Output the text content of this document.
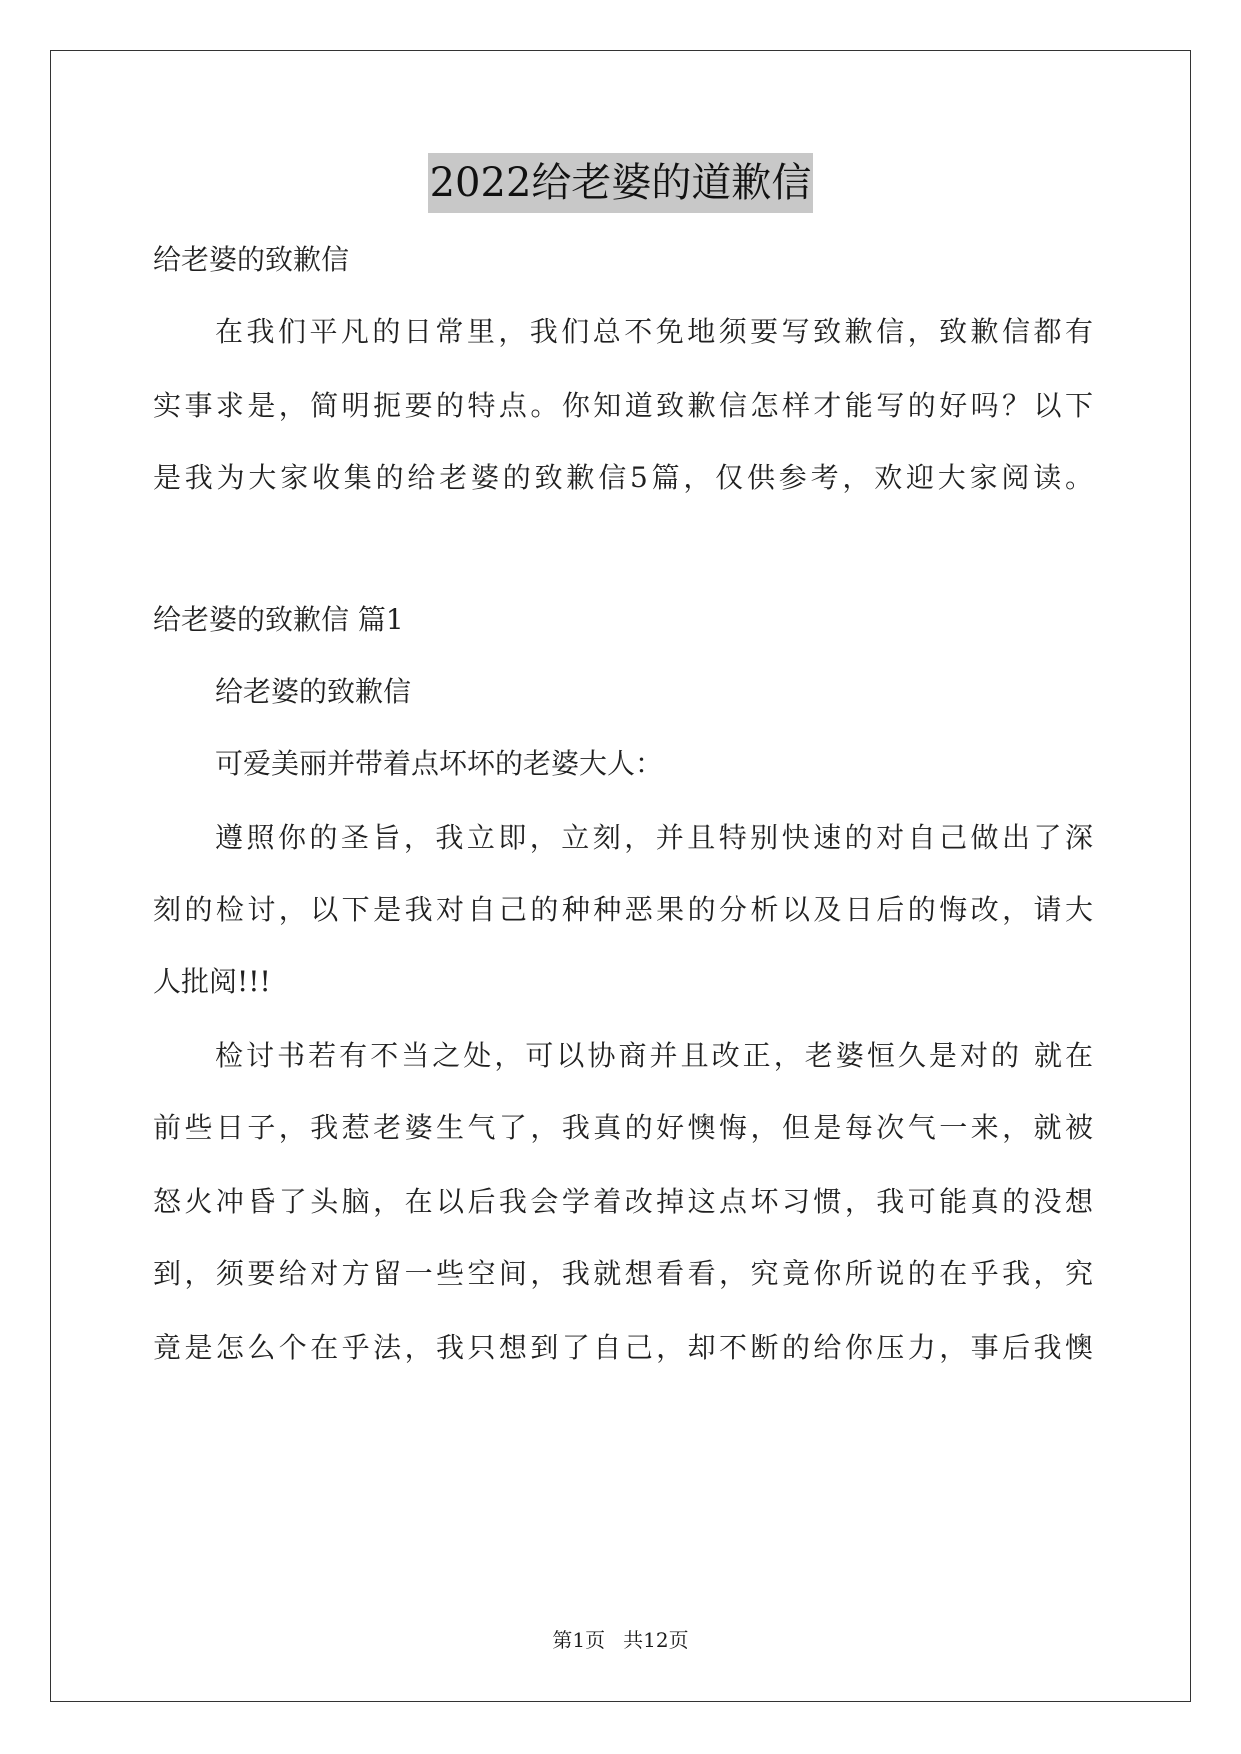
2022给老婆的道歉信
给老婆的致歉信
在我们平凡的日常里，我们总不免地须要写致歉信，致歉信都有
实事求是，简明扼要的特点。你知道致歉信怎样才能写的好吗？以下
是我为大家收集的给老婆的致歉信5篇，仅供参考，欢迎大家阅读。
给老婆的致歉信 篇1
给老婆的致歉信
可爱美丽并带着点坏坏的老婆大人：
遵照你的圣旨，我立即，立刻，并且特别快速的对自己做出了深
刻的检讨，以下是我对自己的种种恶果的分析以及日后的悔改，请大
人批阅!!!
检讨书若有不当之处，可以协商并且改正，老婆恒久是对的 就在
前些日子，我惹老婆生气了，我真的好懊悔，但是每次气一来，就被
怒火冲昏了头脑，在以后我会学着改掉这点坏习惯，我可能真的没想
到，须要给对方留一些空间，我就想看看，究竟你所说的在乎我，究
竟是怎么个在乎法，我只想到了自己，却不断的给你压力，事后我懊
第1页 共12页
